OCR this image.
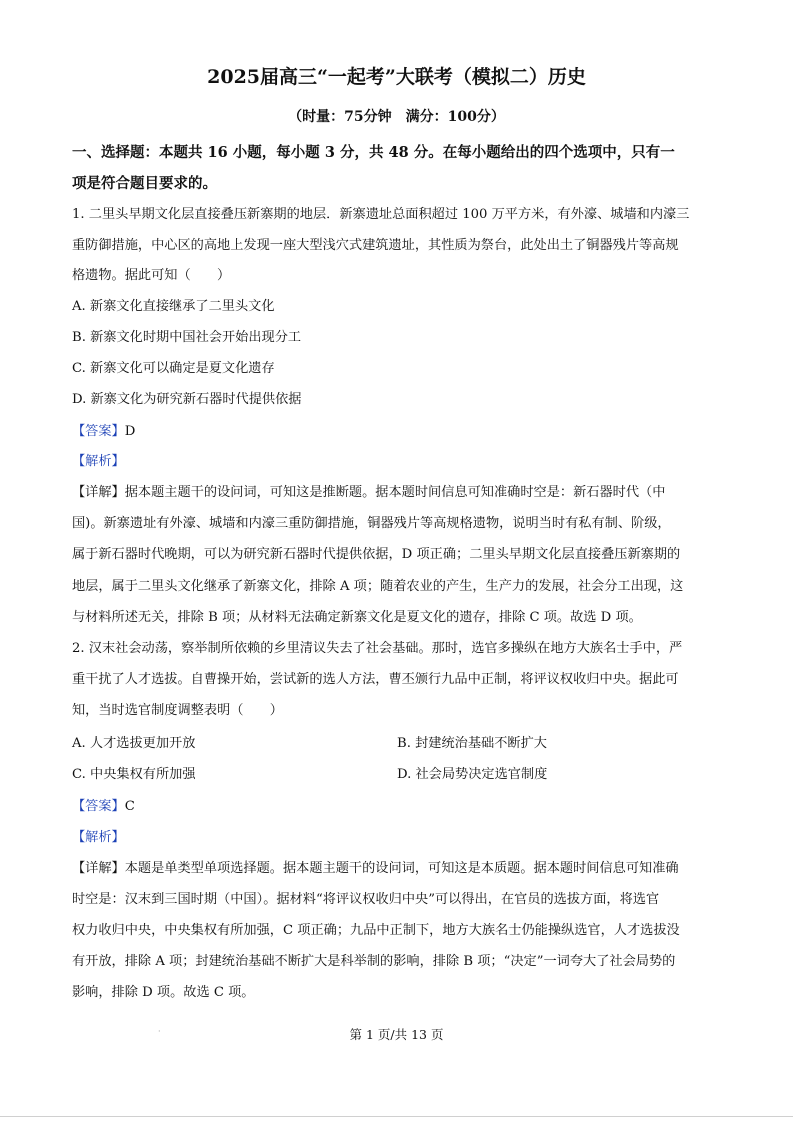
2025届高三“一起考”大联考（模拟二）历史
（时量：75分钟　满分：100分）
一、选择题：本题共 16 小题，每小题 3 分，共 48 分。在每小题给出的四个选项中，只有一
项是符合题目要求的。
1. 二里头早期文化层直接叠压新寨期的地层．新寨遗址总面积超过 100 万平方米，有外濠、城墙和内濠三
重防御措施，中心区的高地上发现一座大型浅穴式建筑遗址，其性质为祭台，此处出土了铜器残片等高规
格遗物。据此可知（　　）
A. 新寨文化直接继承了二里头文化
B. 新寨文化时期中国社会开始出现分工
C. 新寨文化可以确定是夏文化遗存
D. 新寨文化为研究新石器时代提供依据
【答案】D
【解析】
【详解】据本题主题干的设问词，可知这是推断题。据本题时间信息可知准确时空是：新石器时代（中
国)。新寨遗址有外濠、城墙和内濠三重防御措施，铜器残片等高规格遗物，说明当时有私有制、阶级，
属于新石器时代晚期，可以为研究新石器时代提供依据，D 项正确；二里头早期文化层直接叠压新寨期的
地层，属于二里头文化继承了新寨文化，排除 A 项；随着农业的产生，生产力的发展，社会分工出现，这
与材料所述无关，排除 B 项；从材料无法确定新寨文化是夏文化的遗存，排除 C 项。故选 D 项。
2. 汉末社会动荡，察举制所依赖的乡里清议失去了社会基础。那时，选官多操纵在地方大族名士手中，严
重干扰了人才选拔。自曹操开始，尝试新的选人方法，曹丕颁行九品中正制，将评议权收归中央。据此可
知，当时选官制度调整表明（　　）
A. 人才选拔更加开放	B. 封建统治基础不断扩大
C. 中央集权有所加强	D. 社会局势决定选官制度
【答案】C
【解析】
【详解】本题是单类型单项选择题。据本题主题干的设问词，可知这是本质题。据本题时间信息可知准确
时空是：汉末到三国时期（中国）。据材料“将评议权收归中央”可以得出，在官员的选拔方面，将选官
权力收归中央，中央集权有所加强，C 项正确；九品中正制下，地方大族名士仍能操纵选官，人才选拔没
有开放，排除 A 项；封建统治基础不断扩大是科举制的影响，排除 B 项；“决定”一词夸大了社会局势的
影响，排除 D 项。故选 C 项。
·	第 1 页/共 13 页
